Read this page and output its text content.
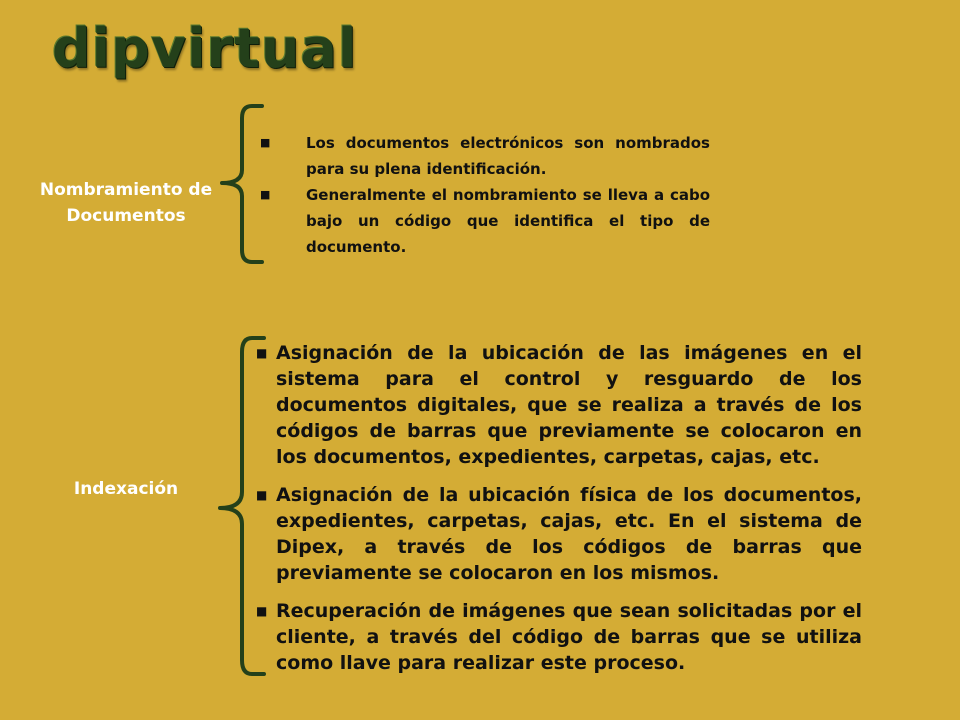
dipvirtual
Nombramiento de
Documentos
■ Los documentos electrónicos son nombrados para su plena identificación.
■ Generalmente el nombramiento se lleva a cabo bajo un código que identifica el tipo de documento.
Indexación
■ Asignación de la ubicación de las imágenes en el sistema para el control y resguardo de los documentos digitales, que se realiza a través de los códigos de barras que previamente se colocaron en los documentos, expedientes, carpetas, cajas, etc.
■ Asignación de la ubicación física de los documentos, expedientes, carpetas, cajas, etc. En el sistema de Dipex, a través de los códigos de barras que previamente se colocaron en los mismos.
■ Recuperación de imágenes que sean solicitadas por el cliente, a través del código de barras que se utiliza como llave para realizar este proceso.
